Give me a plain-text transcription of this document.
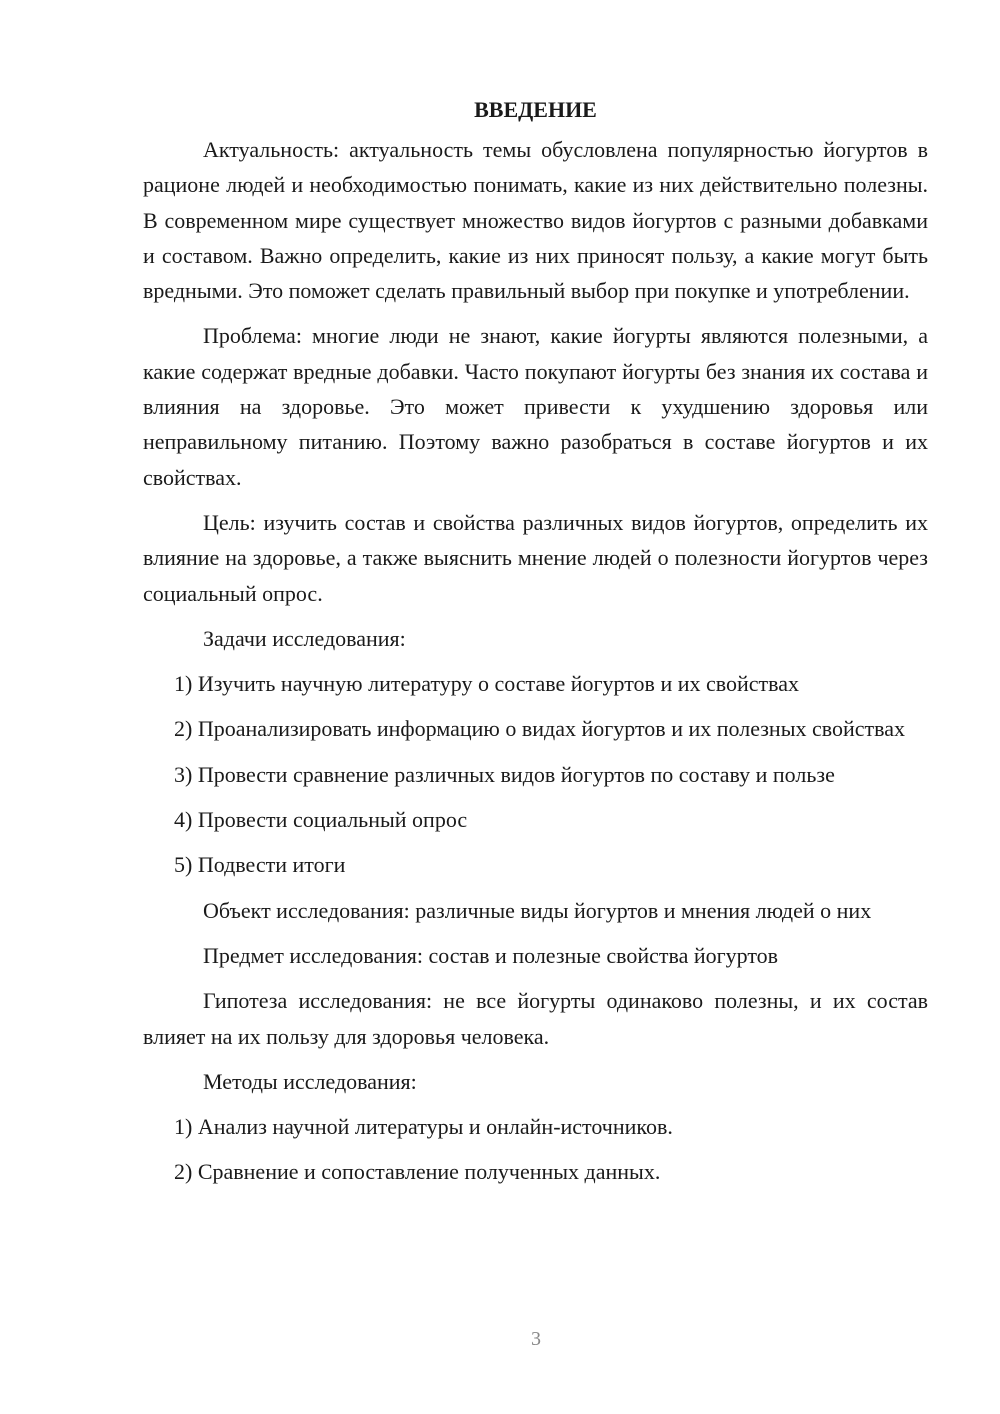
ВВЕДЕНИЕ

Актуальность: актуальность темы обусловлена популярностью йогуртов в рационе людей и необходимостью понимать, какие из них действительно полезны. В современном мире существует множество видов йогуртов с разными добавками и составом. Важно определить, какие из них приносят пользу, а какие могут быть вредными. Это поможет сделать правильный выбор при покупке и употреблении.

Проблема: многие люди не знают, какие йогурты являются полезными, а какие содержат вредные добавки. Часто покупают йогурты без знания их состава и влияния на здоровье. Это может привести к ухудшению здоровья или неправильному питанию. Поэтому важно разобраться в составе йогуртов и их свойствах.

Цель: изучить состав и свойства различных видов йогуртов, определить их влияние на здоровье, а также выяснить мнение людей о полезности йогуртов через социальный опрос.

Задачи исследования:

1) Изучить научную литературу о составе йогуртов и их свойствах

2) Проанализировать информацию о видах йогуртов и их полезных свойствах

3) Провести сравнение различных видов йогуртов по составу и пользе

4) Провести социальный опрос

5) Подвести итоги

Объект исследования: различные виды йогуртов и мнения людей о них

Предмет исследования: состав и полезные свойства йогуртов

Гипотеза исследования: не все йогурты одинаково полезны, и их состав влияет на их пользу для здоровья человека.

Методы исследования:

1) Анализ научной литературы и онлайн-источников.

2) Сравнение и сопоставление полученных данных.

3
